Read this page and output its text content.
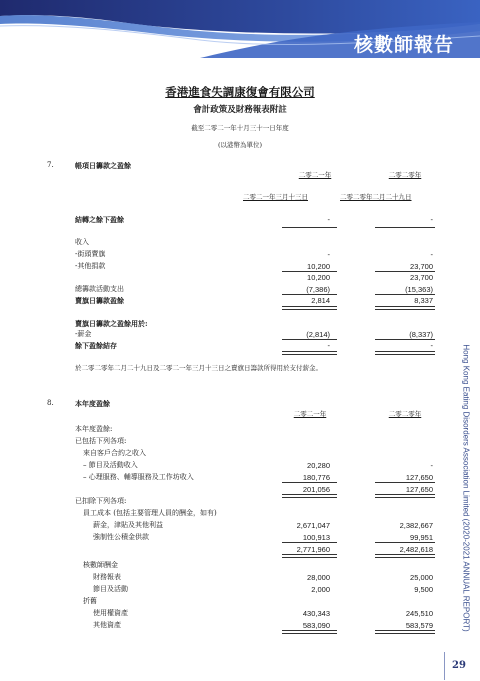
核數師報告
香港進食失調康復會有限公司
會計政策及財務報表附註
截至二零二一年十月三十一日年度
(以港幣為單位)
7.	帳項日籌款之盈餘
二零二一年	二零二零年
二零二一年三月十三日	二零二零年二月二十九日
結轉之餘下盈餘	-	-
收入
-街頭賣旗	-	-
-其他捐款	10,200	23,700
10,200	23,700
總籌款活動支出	(7,386)	(15,363)
賣旗日籌款盈餘	2,814	8,337
賣旗日籌款之盈餘用於:
-薪金	(2,814)	(8,337)
餘下盈餘結存	-	-
於二零二零年二月二十九日及二零二一年三月十三日之賣旗日籌款所得用於支付薪金。
8.	本年度盈餘
二零二一年	二零二零年
本年度盈餘:
已包括下列各項:
來自客戶合約之收入
– 節目及活動收入	20,280	-
– 心理服務、輔導服務及工作坊收入	180,776	127,650
201,056	127,650
已扣除下列各項:
員工成本 (包括主要管理人員的酬金，如有)
薪金，津貼及其他利益	2,671,047	2,382,667
強制性公積金供款	100,913	99,951
2,771,960	2,482,618
核數師酬金
財務報表	28,000	25,000
節目及活動	2,000	9,500
折舊
使用權資產	430,343	245,510
其他資產	583,090	583,579	Hong Kong Eating Disorders Association Limited (2020-2021 ANNUAL REPORT)
29
